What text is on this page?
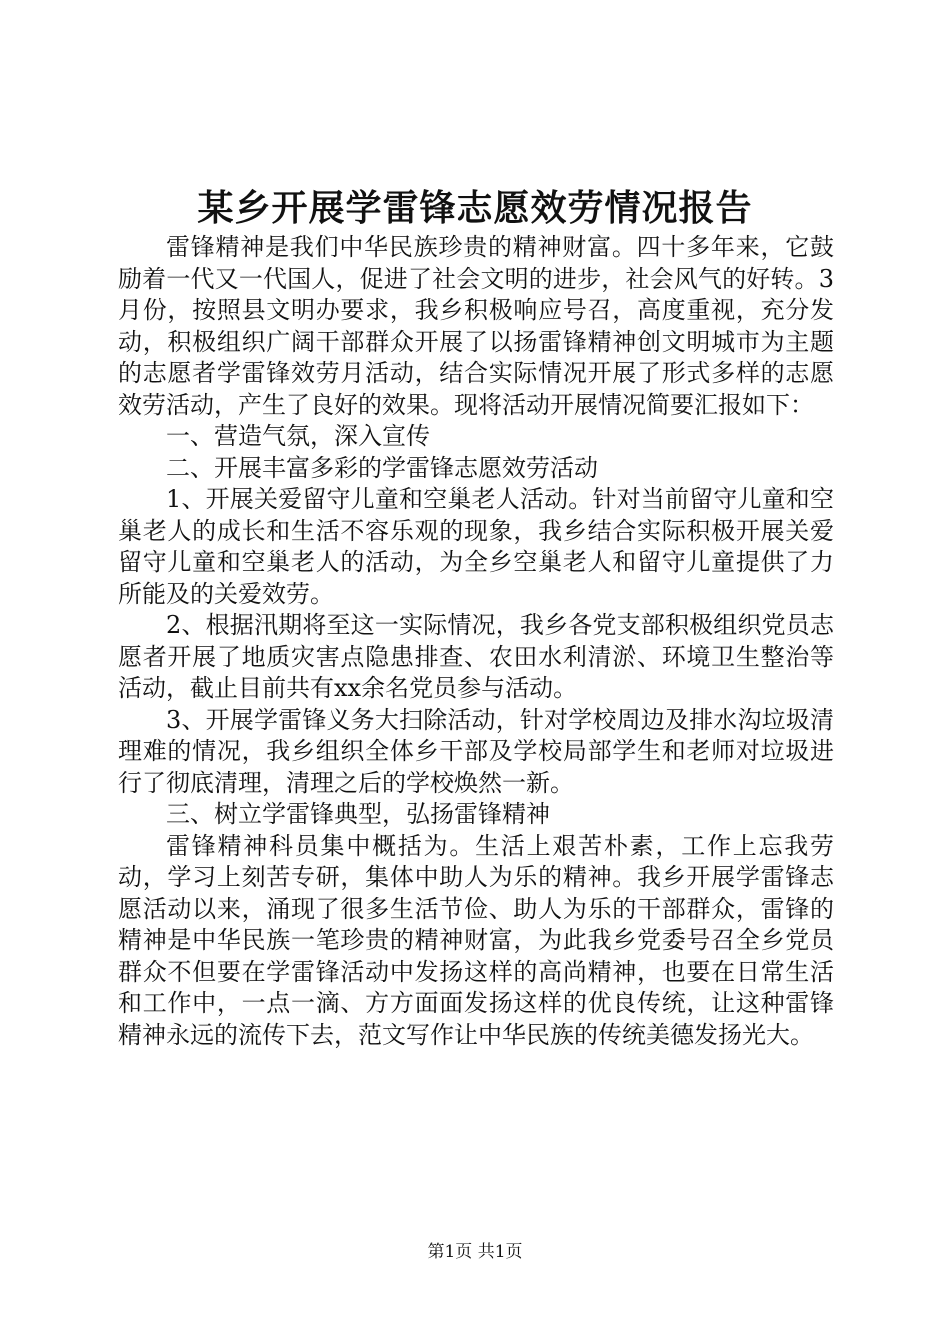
某乡开展学雷锋志愿效劳情况报告

雷锋精神是我们中华民族珍贵的精神财富。四十多年来，它鼓励着一代又一代国人，促进了社会文明的进步，社会风气的好转。3月份，按照县文明办要求，我乡积极响应号召，高度重视，充分发动，积极组织广阔干部群众开展了以扬雷锋精神创文明城市为主题的志愿者学雷锋效劳月活动，结合实际情况开展了形式多样的志愿效劳活动，产生了良好的效果。现将活动开展情况简要汇报如下：

一、营造气氛，深入宣传

二、开展丰富多彩的学雷锋志愿效劳活动

1、开展关爱留守儿童和空巢老人活动。针对当前留守儿童和空巢老人的成长和生活不容乐观的现象，我乡结合实际积极开展关爱留守儿童和空巢老人的活动，为全乡空巢老人和留守儿童提供了力所能及的关爱效劳。

2、根据汛期将至这一实际情况，我乡各党支部积极组织党员志愿者开展了地质灾害点隐患排查、农田水利清淤、环境卫生整治等活动，截止目前共有xx余名党员参与活动。

3、开展学雷锋义务大扫除活动，针对学校周边及排水沟垃圾清理难的情况，我乡组织全体乡干部及学校局部学生和老师对垃圾进行了彻底清理，清理之后的学校焕然一新。

三、树立学雷锋典型，弘扬雷锋精神

雷锋精神科员集中概括为。生活上艰苦朴素，工作上忘我劳动，学习上刻苦专研，集体中助人为乐的精神。我乡开展学雷锋志愿活动以来，涌现了很多生活节俭、助人为乐的干部群众，雷锋的精神是中华民族一笔珍贵的精神财富，为此我乡党委号召全乡党员群众不但要在学雷锋活动中发扬这样的高尚精神，也要在日常生活和工作中，一点一滴、方方面面发扬这样的优良传统，让这种雷锋精神永远的流传下去，范文写作让中华民族的传统美德发扬光大。

第1页 共1页
